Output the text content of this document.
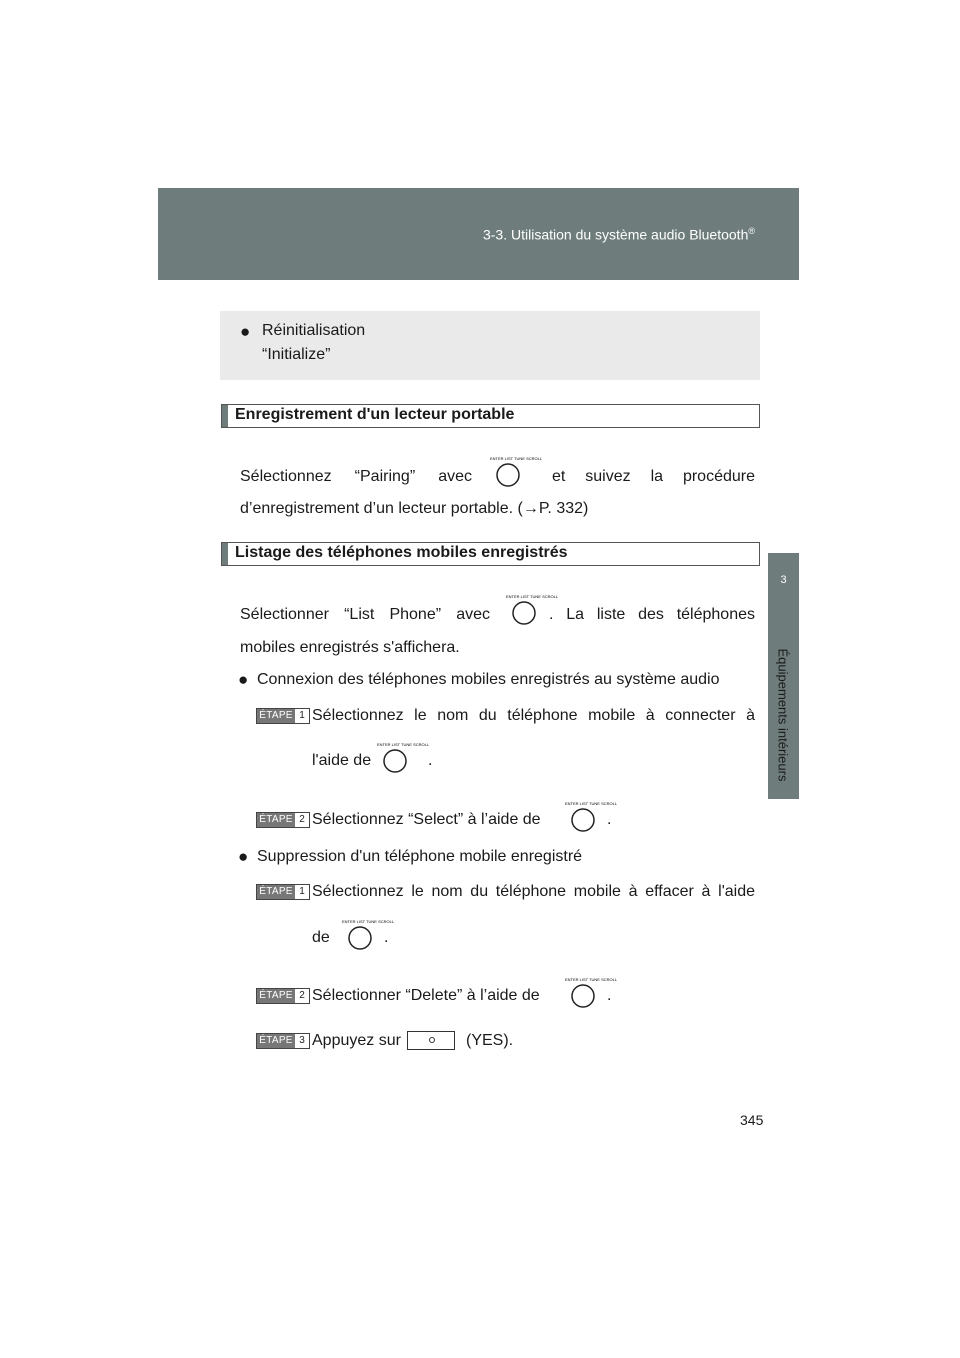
3-3. Utilisation du système audio Bluetooth®
3
Équipements intérieurs
● Réinitialisation
“Initialize”
Enregistrement d'un lecteur portable
Sélectionnez “Pairing” avec
ENTER LIST TUNE SCROLL
et suivez la procédure
d’enregistrement d’un lecteur portable. (→P. 332)
Listage des téléphones mobiles enregistrés
Sélectionner “List Phone” avec
ENTER LIST TUNE SCROLL
. La liste des téléphones
mobiles enregistrés s'affichera.
● Connexion des téléphones mobiles enregistrés au système audio
ÉTAPE 1 Sélectionnez le nom du téléphone mobile à connecter à
l'aide de
ENTER LIST TUNE SCROLL
.
ÉTAPE 2 Sélectionnez “Select” à l’aide de
ENTER LIST TUNE SCROLL
.
● Suppression d'un téléphone mobile enregistré
ÉTAPE 1 Sélectionnez le nom du téléphone mobile à effacer à l'aide
de
ENTER LIST TUNE SCROLL
.
ÉTAPE 2 Sélectionner “Delete” à l’aide de
ENTER LIST TUNE SCROLL
.
ÉTAPE 3 Appuyez sur	(YES).
345
